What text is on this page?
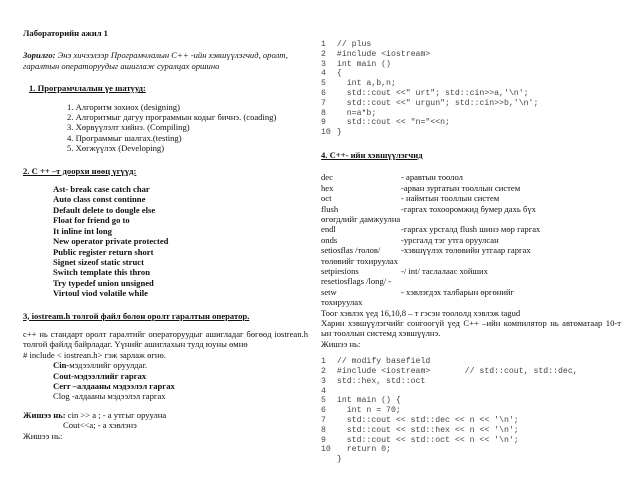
Лабораторийн ажил 1

Зорилго: Энэ хичээлээр Програмчлалын С++ -ийн хэвшүүлэгчид, оролт, гаралтын операторуудыг ашиглаж суралцах оршино

1. Програмчлалын үе шатууд:

1. Алгоритм зохиох (designing)
2. Алгоритмыг дагуу программын кодыг бичнэ. (coading)
3. Хөрвүүлэлт хийнэ. (Compiling)
4. Программыг шалгах.(testing)
5. Хөгжүүлэх (Developing)

2. С ++ –т доорхи нөөц үгүүд:

Ast- break case catch char

Auto class const continne

Default delete to dougle else

Float for friend go to

It inline int long

New operator private protected

Public register return short

Signet sizeof static struct

Switch template this thron

Try typedef union unsigned

Virtoul viod volatile while

3, iostream.h толгой файл болон оролт гаралтын оператор.

c++ нь стандарт оролт гаралтийг операторуудыг ашигладаг бөгөөд iostrean.h толгой файлд байрладаг. Үүнийг ашиглахын тулд юуны өмнө

# include < iostrean.h> гэж зарлаж өгнө.

Cin-мэдээллийг оруулдаг.

Cout-мэдээллийг гаргах

Cerr –алдааны мэдээлэл гаргах

Clog -алдааны мэдээлэл гаргах

Жишээ нь: cin >> a ; - a утгыг оруулна

Cout<<a; - а хэвлэнэ

Жишээ нь:

1 // plus
2 #include <iostream>
3 int main ()
4 {
5   int a,b,n;
6   std::cout <<" urt"; std::cin>>a,'\n';
7   std::cout <<" urgun"; std::cin>>b,'\n';
8   n=a*b;
9   std::cout << "n="<<n;
10 }

4. С++- ийн хэвшүүлэгчид

dec	- аравтын тоолол
hex	-арван зургатын тооллын систем
oct	- наймтын тооллын систем
flush	-гаргах тохооромжид бумер дахь бүх

өгөгдлийг дамжуулна

endl	-гаргах урсгалд flush шинэ мөр гаргах
onds	-урсгалд тэг утга оруулсан
setiosflas /толов/	-хэвшүүлэх төлөвийн утгаар гаргах

төлөвийг тохируулах

setpiesions	-/ int/ таслалаас хойших

resetiosflags /long/ -

setw	- хэвлэгдэх талбарын өргөнийг

тохируулах

Тоог хэвлэх үед 16,10,8 – т гэсэн тоололд хэвлэж tagud

Харин хэвшүүлэгчийг сонгоогүй үед С++ –ийн компилятор нь автоматаар 10-т ын тооллын системд хэвшүүлнэ.

Жишээ нь:

1 // modify basefield
2 #include <iostream>       // std::cout, std::dec,
3 std::hex, std::oct
4
5 int main () {
6   int n = 70;
7   std::cout << std::dec << n << '\n';
8   std::cout << std::hex << n << '\n';
9   std::cout << std::oct << n << '\n';
10   return 0;
}
